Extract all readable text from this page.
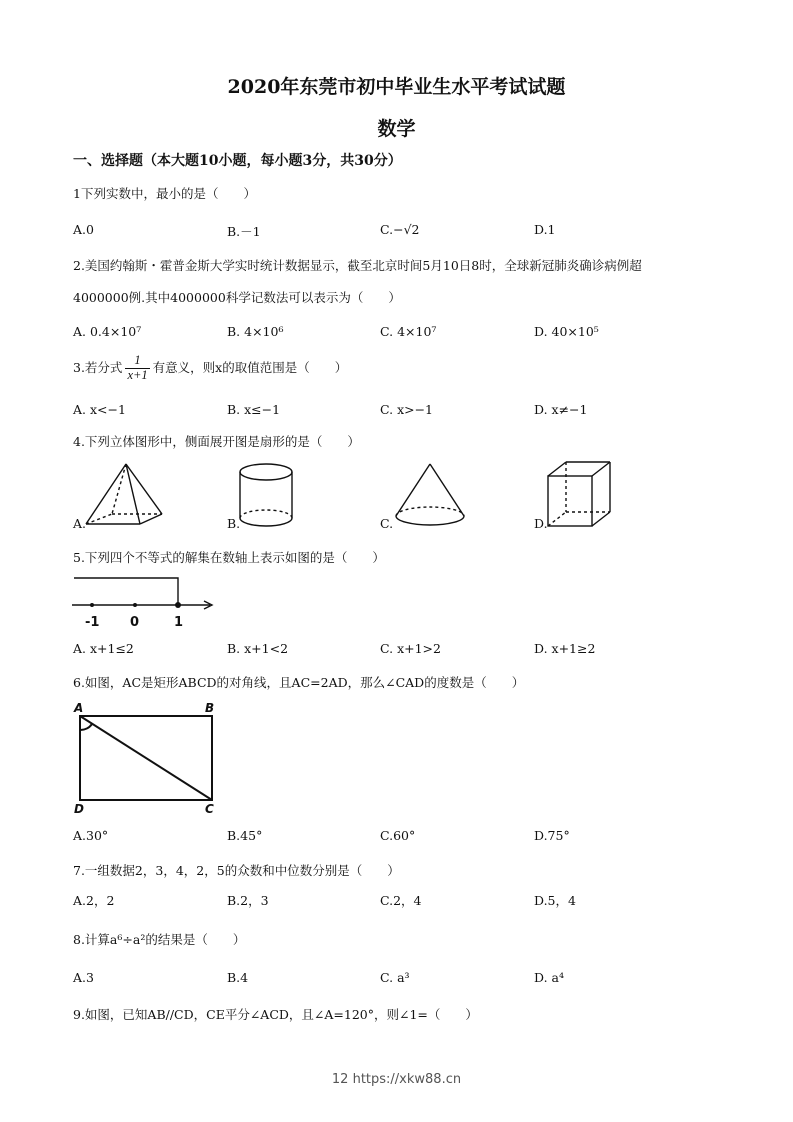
2020年东莞市初中毕业生水平考试试题
数学
一、选择题（本大题10小题，每小题3分，共30分）
1下列实数中，最小的是（　　）
A.0	B.－1	C.−√2	D.1
2.美国约翰斯・霍普金斯大学实时统计数据显示，截至北京时间5月10日8时，全球新冠肺炎确诊病例超
4000000例.其中4000000科学记数法可以表示为（　　）
A. 0.4×10⁷	B. 4×10⁶	C. 4×10⁷	D. 40×10⁵
3.若分式 $\frac{1}{x+1}$ 有意义，则x的取值范围是（　　）
A. x<−1	B. x≤−1	C. x>−1	D. x≠−1
4.下列立体图形中，侧面展开图是扇形的是（　　）
A.	B.	C.	D.
5.下列四个不等式的解集在数轴上表示如图的是（　　）
-1 0	1
A. x+1≤2	B. x+1<2	C. x+1>2	D. x+1≥2
6.如图，AC是矩形ABCD的对角线，且AC=2AD，那么∠CAD的度数是（　　）
A	B
D	C
A.30°	B.45°	C.60°	D.75°
7.一组数据2，3，4，2，5的众数和中位数分别是（　　）
A.2，2	B.2，3	C.2，4	D.5，4
8.计算a⁶÷a²的结果是（　　）
A.3	B.4	C. a³	D. a⁴
9.如图，已知AB//CD，CE平分∠ACD，且∠A=120°，则∠1=（　　）
12 https://xkw88.cn
